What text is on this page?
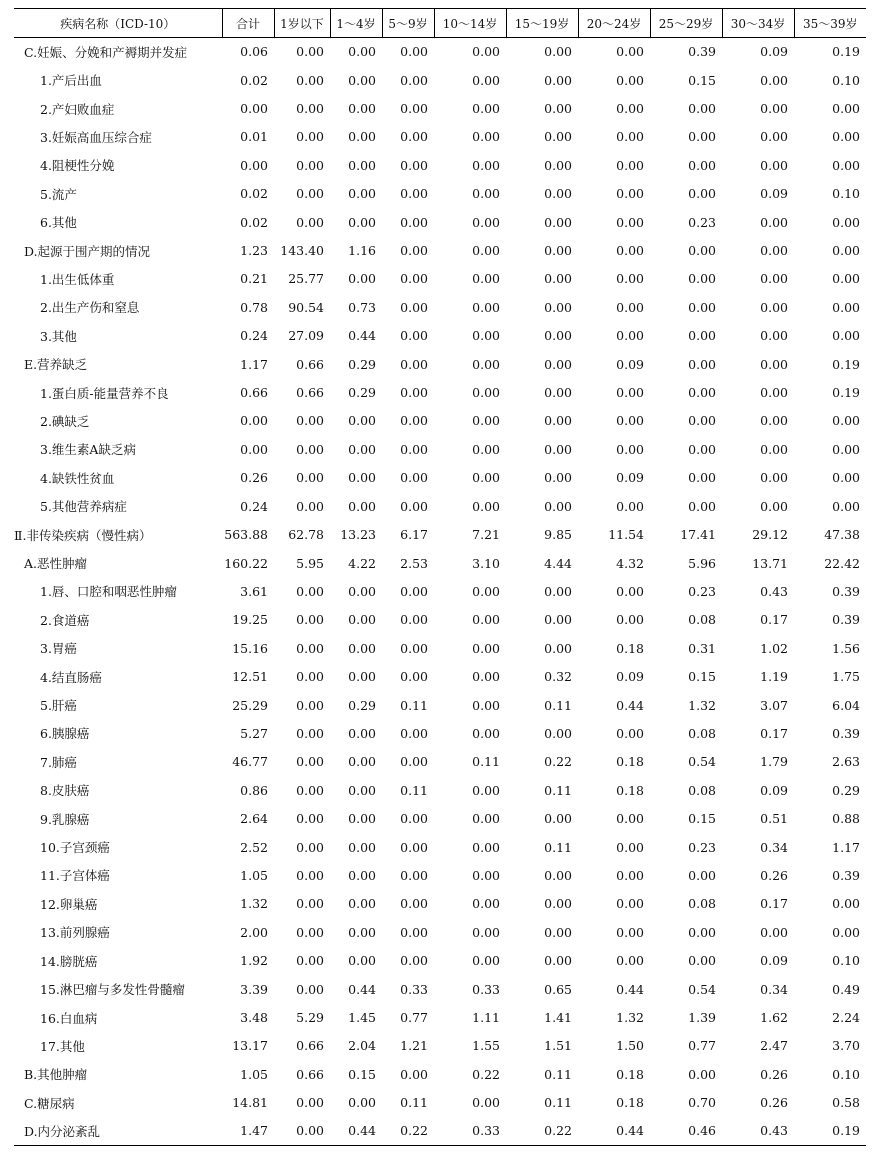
疾病名称（ICD-10）	合计	1岁以下	1～4岁	5～9岁	10～14岁	15～19岁	20～24岁	25～29岁	30～34岁	35～39岁
C.妊娠、分娩和产褥期并发症	0.06	0.00	0.00	0.00	0.00	0.00	0.00	0.39	0.09	0.19
1.产后出血	0.02	0.00	0.00	0.00	0.00	0.00	0.00	0.15	0.00	0.10
2.产妇败血症	0.00	0.00	0.00	0.00	0.00	0.00	0.00	0.00	0.00	0.00
3.妊娠高血压综合症	0.01	0.00	0.00	0.00	0.00	0.00	0.00	0.00	0.00	0.00
4.阻梗性分娩	0.00	0.00	0.00	0.00	0.00	0.00	0.00	0.00	0.00	0.00
5.流产	0.02	0.00	0.00	0.00	0.00	0.00	0.00	0.00	0.09	0.10
6.其他	0.02	0.00	0.00	0.00	0.00	0.00	0.00	0.23	0.00	0.00
D.起源于围产期的情况	1.23	143.40	1.16	0.00	0.00	0.00	0.00	0.00	0.00	0.00
1.出生低体重	0.21	25.77	0.00	0.00	0.00	0.00	0.00	0.00	0.00	0.00
2.出生产伤和窒息	0.78	90.54	0.73	0.00	0.00	0.00	0.00	0.00	0.00	0.00
3.其他	0.24	27.09	0.44	0.00	0.00	0.00	0.00	0.00	0.00	0.00
E.营养缺乏	1.17	0.66	0.29	0.00	0.00	0.00	0.09	0.00	0.00	0.19
1.蛋白质-能量营养不良	0.66	0.66	0.29	0.00	0.00	0.00	0.00	0.00	0.00	0.19
2.碘缺乏	0.00	0.00	0.00	0.00	0.00	0.00	0.00	0.00	0.00	0.00
3.维生素A缺乏病	0.00	0.00	0.00	0.00	0.00	0.00	0.00	0.00	0.00	0.00
4.缺铁性贫血	0.26	0.00	0.00	0.00	0.00	0.00	0.09	0.00	0.00	0.00
5.其他营养病症	0.24	0.00	0.00	0.00	0.00	0.00	0.00	0.00	0.00	0.00
Ⅱ.非传染疾病（慢性病）	563.88	62.78	13.23	6.17	7.21	9.85	11.54	17.41	29.12	47.38
A.恶性肿瘤	160.22	5.95	4.22	2.53	3.10	4.44	4.32	5.96	13.71	22.42
1.唇、口腔和咽恶性肿瘤	3.61	0.00	0.00	0.00	0.00	0.00	0.00	0.23	0.43	0.39
2.食道癌	19.25	0.00	0.00	0.00	0.00	0.00	0.00	0.08	0.17	0.39
3.胃癌	15.16	0.00	0.00	0.00	0.00	0.00	0.18	0.31	1.02	1.56
4.结直肠癌	12.51	0.00	0.00	0.00	0.00	0.32	0.09	0.15	1.19	1.75
5.肝癌	25.29	0.00	0.29	0.11	0.00	0.11	0.44	1.32	3.07	6.04
6.胰腺癌	5.27	0.00	0.00	0.00	0.00	0.00	0.00	0.08	0.17	0.39
7.肺癌	46.77	0.00	0.00	0.00	0.11	0.22	0.18	0.54	1.79	2.63
8.皮肤癌	0.86	0.00	0.00	0.11	0.00	0.11	0.18	0.08	0.09	0.29
9.乳腺癌	2.64	0.00	0.00	0.00	0.00	0.00	0.00	0.15	0.51	0.88
10.子宫颈癌	2.52	0.00	0.00	0.00	0.00	0.11	0.00	0.23	0.34	1.17
11.子宫体癌	1.05	0.00	0.00	0.00	0.00	0.00	0.00	0.00	0.26	0.39
12.卵巢癌	1.32	0.00	0.00	0.00	0.00	0.00	0.00	0.08	0.17	0.00
13.前列腺癌	2.00	0.00	0.00	0.00	0.00	0.00	0.00	0.00	0.00	0.00
14.膀胱癌	1.92	0.00	0.00	0.00	0.00	0.00	0.00	0.00	0.09	0.10
15.淋巴瘤与多发性骨髓瘤	3.39	0.00	0.44	0.33	0.33	0.65	0.44	0.54	0.34	0.49
16.白血病	3.48	5.29	1.45	0.77	1.11	1.41	1.32	1.39	1.62	2.24
17.其他	13.17	0.66	2.04	1.21	1.55	1.51	1.50	0.77	2.47	3.70
B.其他肿瘤	1.05	0.66	0.15	0.00	0.22	0.11	0.18	0.00	0.26	0.10
C.糖尿病	14.81	0.00	0.00	0.11	0.00	0.11	0.18	0.70	0.26	0.58
D.内分泌紊乱	1.47	0.00	0.44	0.22	0.33	0.22	0.44	0.46	0.43	0.19
